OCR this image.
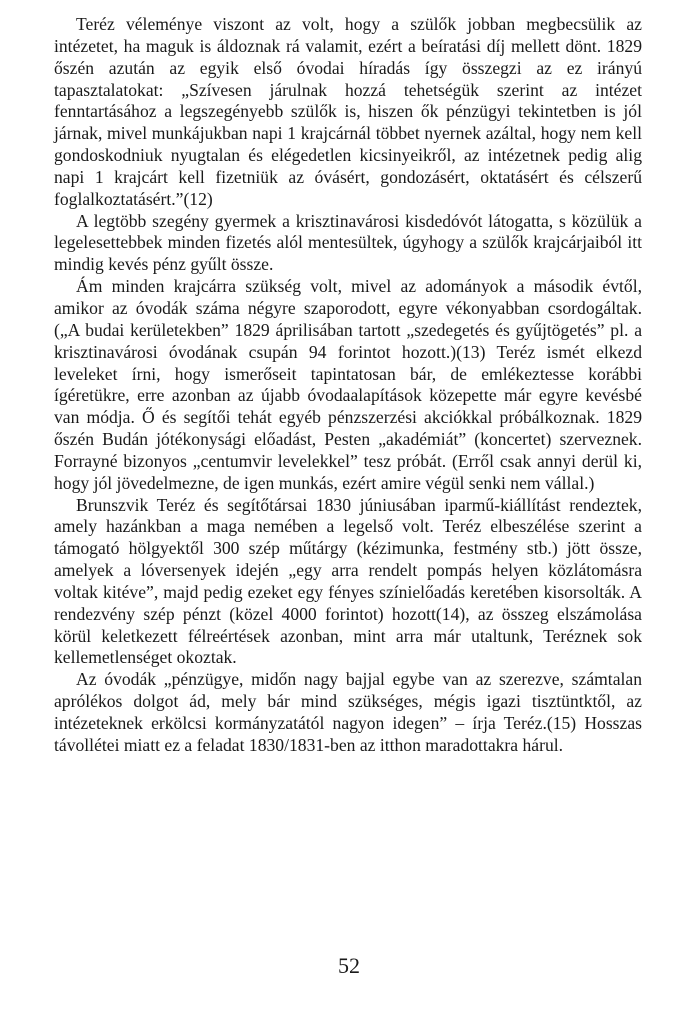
Teréz véleménye viszont az volt, hogy a szülők jobban megbecsülik az intézetet, ha maguk is áldoznak rá valamit, ezért a beíratási díj mellett dönt. 1829 őszén azután az egyik első óvodai híradás így összegzi az ez irányú tapasztalatokat: „Szívesen járulnak hozzá tehetségük szerint az intézet fenntartásához a legszegényebb szülők is, hiszen ők pénzügyi tekintetben is jól járnak, mivel munkájukban napi 1 krajcárnál többet nyernek azáltal, hogy nem kell gondoskodniuk nyugtalan és elégedetlen kicsinyeikről, az intézetnek pedig alig napi 1 krajcárt kell fizetniük az óvásért, gondozásért, oktatásért és célszerű foglalkoztatásért.”(12)

A legtöbb szegény gyermek a krisztinavárosi kisdedóvót látogatta, s közülük a legelesettebbek minden fizetés alól mentesültek, úgyhogy a szülők krajcárjaiból itt mindig kevés pénz gyűlt össze.

Ám minden krajcárra szükség volt, mivel az adományok a második évtől, amikor az óvodák száma négyre szaporodott, egyre vékonyabban csordogáltak. („A budai kerületekben” 1829 áprilisában tartott „szedegetés és gyűjtögetés” pl. a krisztinavárosi óvodának csupán 94 forintot hozott.)(13) Teréz ismét elkezd leveleket írni, hogy ismerőseit tapintatosan bár, de emlékeztesse korábbi ígéretükre, erre azonban az újabb óvodaalapítások közepette már egyre kevésbé van módja. Ő és segítői tehát egyéb pénzszerzési akciókkal próbálkoznak. 1829 őszén Budán jótékonysági előadást, Pesten „akadémiát” (koncertet) szerveznek. Forrayné bizonyos „centumvir levelekkel” tesz próbát. (Erről csak annyi derül ki, hogy jól jövedelmezne, de igen munkás, ezért amire végül senki nem vállal.)

Brunszvik Teréz és segítőtársai 1830 júniusában iparmű-kiállítást rendeztek, amely hazánkban a maga nemében a legelső volt. Teréz elbeszélése szerint a támogató hölgyektől 300 szép műtárgy (kézimunka, festmény stb.) jött össze, amelyek a lóversenyek idején „egy arra rendelt pompás helyen közlátomásra voltak kitéve”, majd pedig ezeket egy fényes színielőadás keretében kisorsolták. A rendezvény szép pénzt (közel 4000 forintot) hozott(14), az összeg elszámolása körül keletkezett félreértések azonban, mint arra már utaltunk, Teréznek sok kellemetlenséget okoztak.

Az óvodák „pénzügye, midőn nagy bajjal egybe van az szerezve, számtalan aprólékos dolgot ád, mely bár mind szükséges, mégis igazi tisztüntktől, az intézeteknek erkölcsi kormányzatától nagyon idegen” – írja Teréz.(15) Hosszas távollétei miatt ez a feladat 1830/1831-ben az itthon maradottakra hárul.

52
